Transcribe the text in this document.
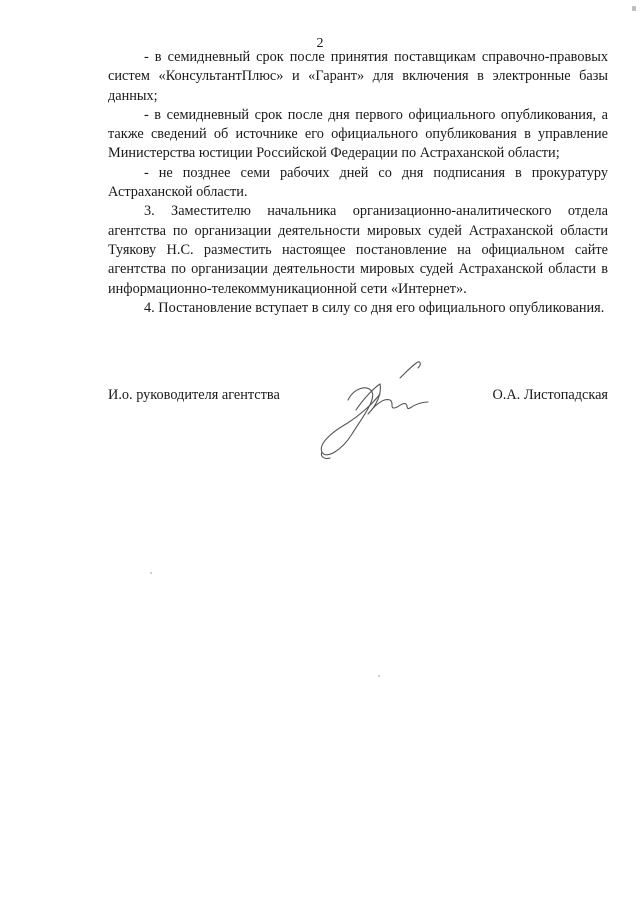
2

- в семидневный срок после принятия поставщикам справочно-правовых систем «КонсультантПлюс» и «Гарант» для включения в электронные базы данных;

- в семидневный срок после дня первого официального опубликования, а также сведений об источнике его официального опубликования в управление Министерства юстиции Российской Федерации по Астраханской области;

- не позднее семи рабочих дней со дня подписания в прокуратуру Астраханской области.

3. Заместителю начальника организационно-аналитического отдела агентства по организации деятельности мировых судей Астраханской области Туякову Н.С. разместить настоящее постановление на официальном сайте агентства по организации деятельности мировых судей Астраханской области в информационно-телекоммуникационной сети «Интернет».

4. Постановление вступает в силу со дня его официального опубликования.

И.о. руководителя агентства	О.А. Листопадская
